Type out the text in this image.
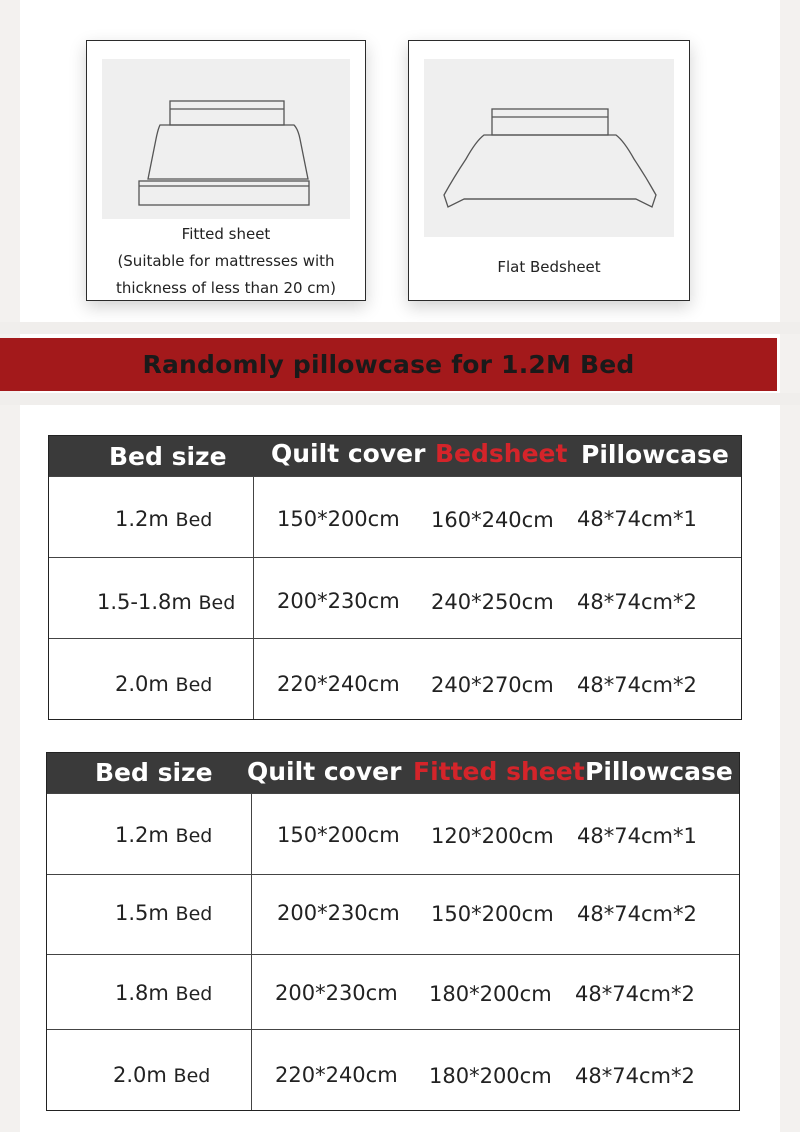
Fitted sheet
(Suitable for mattresses with
thickness of less than 20 cm)
Flat Bedsheet
Randomly pillowcase for 1.2M Bed
Bed size Quilt cover Bedsheet Pillowcase
1.2m Bed	150*200cm 160*240cm 48*74cm*1
1.5-1.8m Bed 200*230cm 240*250cm 48*74cm*2
2.0m Bed	220*240cm 240*270cm 48*74cm*2
Bed size Quilt cover Fitted sheet Pillowcase
1.2m Bed	150*200cm 120*200cm 48*74cm*1
1.5m Bed	200*230cm 150*200cm 48*74cm*2
1.8m Bed	200*230cm 180*200cm 48*74cm*2
2.0m Bed	220*240cm 180*200cm 48*74cm*2
